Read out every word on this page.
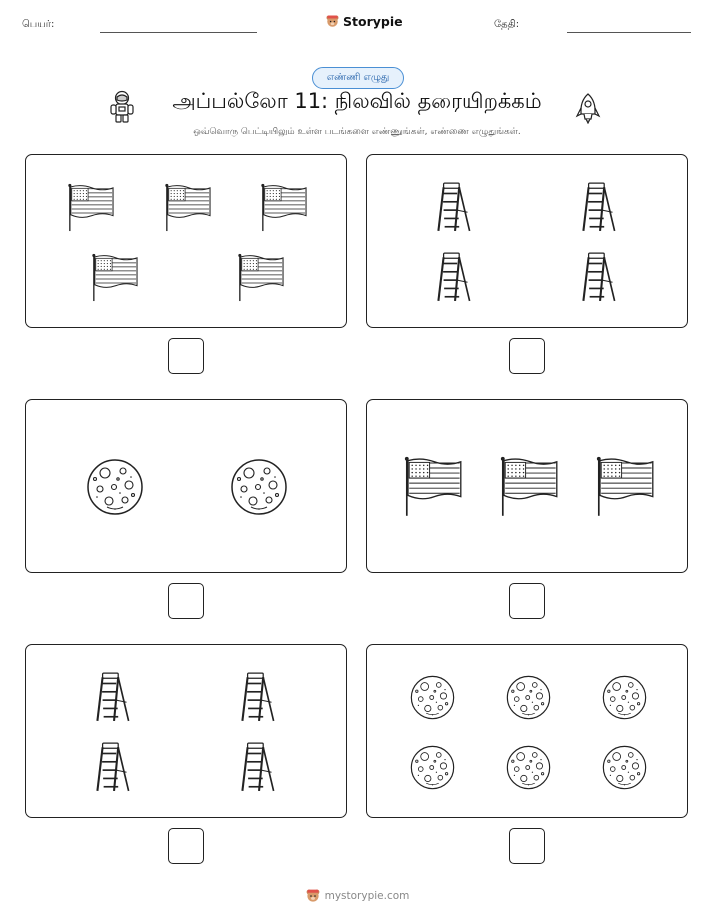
பெயர்:	Storypie	தேதி:
எண்ணி எழுது
அப்பல்லோ 11: நிலவில் தரையிறக்கம்
ஒவ்வொரு பெட்டியிலும் உள்ள படங்களை எண்ணுங்கள், எண்ணை எழுதுங்கள்.
mystorypie.com
